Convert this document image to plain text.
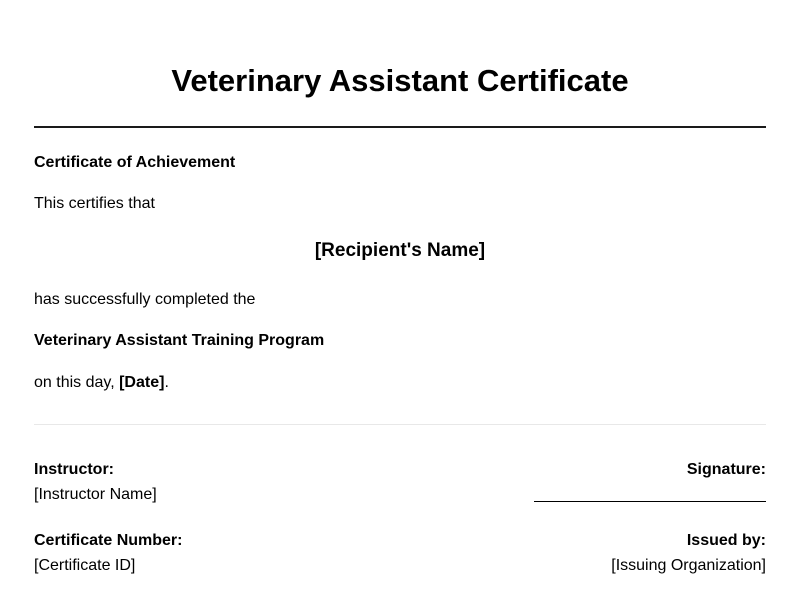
Veterinary Assistant Certificate
Certificate of Achievement
This certifies that
[Recipient's Name]
has successfully completed the
Veterinary Assistant Training Program
on this day, [Date].
Instructor:
[Instructor Name]
Signature:
Certificate Number:
[Certificate ID]
Issued by:
[Issuing Organization]
